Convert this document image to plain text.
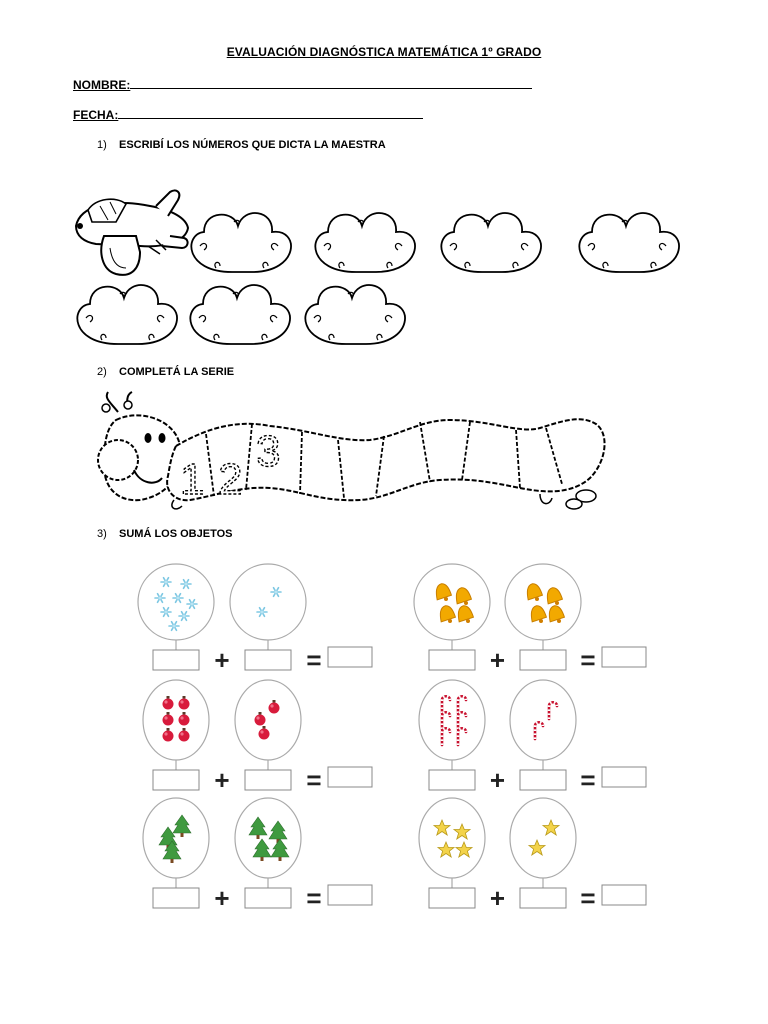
EVALUACIÓN DIAGNÓSTICA MATEMÁTICA 1º GRADO
NOMBRE:
FECHA:
1) ESCRIBÍ LOS NÚMEROS QUE DICTA LA MAESTRA
2) COMPLETÁ LA SERIE
3) SUMÁ LOS OBJETOS
1 2
3
+	=	+	=
+	=	+	=
+	=	+	=
